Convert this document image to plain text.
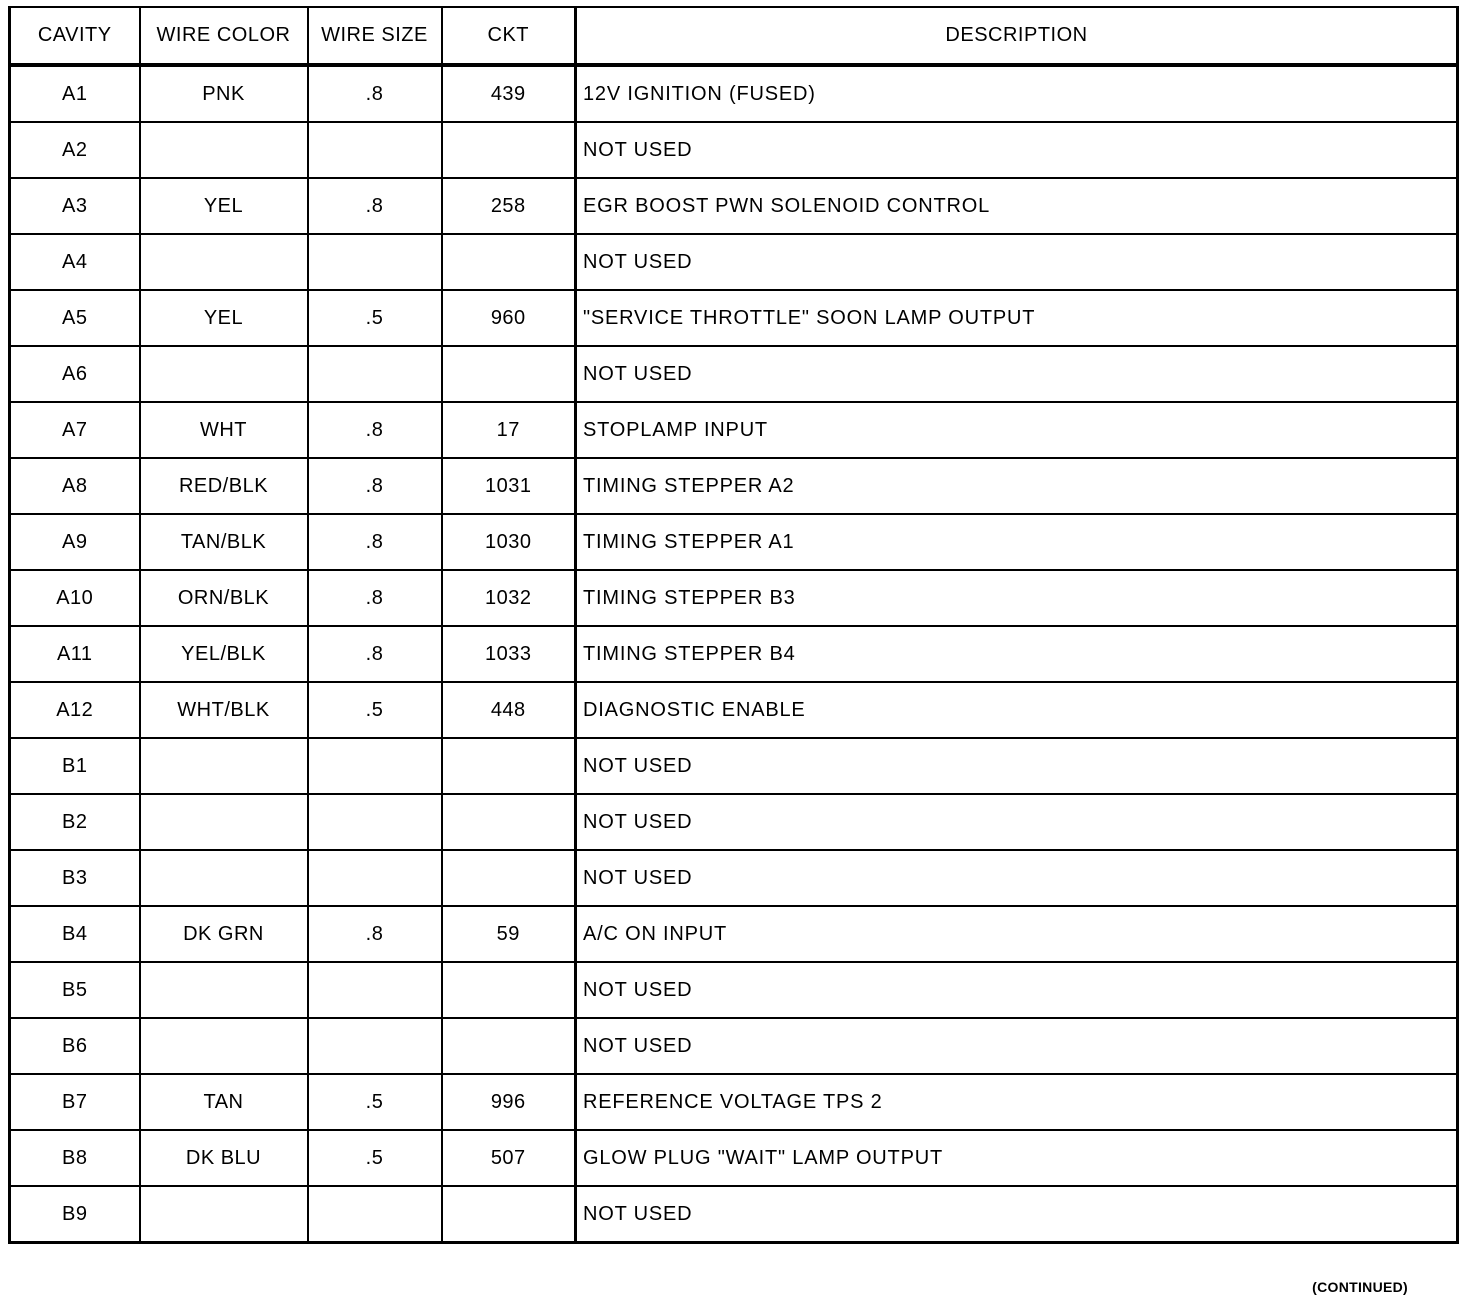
CAVITY	WIRE COLOR	WIRE SIZE	CKT	DESCRIPTION
A1	PNK	.8	439	12V IGNITION (FUSED)
A2				NOT USED
A3	YEL	.8	258	EGR BOOST PWN SOLENOID CONTROL
A4				NOT USED
A5	YEL	.5	960	"SERVICE THROTTLE" SOON LAMP OUTPUT
A6				NOT USED
A7	WHT	.8	17	STOPLAMP INPUT
A8	RED/BLK	.8	1031	TIMING STEPPER A2
A9	TAN/BLK	.8	1030	TIMING STEPPER A1
A10	ORN/BLK	.8	1032	TIMING STEPPER B3
A11	YEL/BLK	.8	1033	TIMING STEPPER B4
A12	WHT/BLK	.5	448	DIAGNOSTIC ENABLE
B1				NOT USED
B2				NOT USED
B3				NOT USED
B4	DK GRN	.8	59	A/C ON INPUT
B5				NOT USED
B6				NOT USED
B7	TAN	.5	996	REFERENCE VOLTAGE TPS 2
B8	DK BLU	.5	507	GLOW PLUG "WAIT" LAMP OUTPUT
B9				NOT USED
(CONTINUED)
